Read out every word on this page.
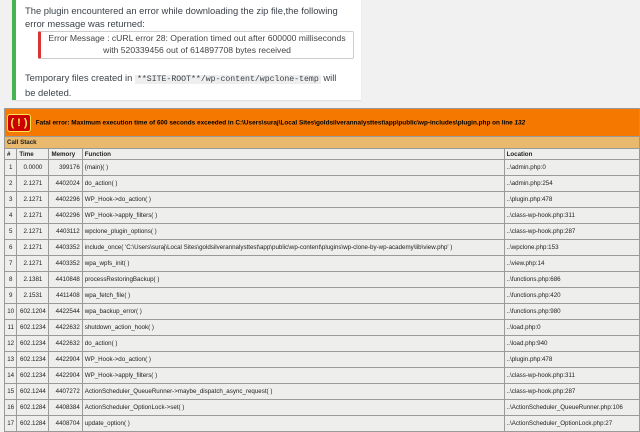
The plugin encountered an error while downloading the zip file,the following error message was returned:

Error Message : cURL error 28: Operation timed out after 600000 milliseconds with 520339456 out of 614897708 bytes received

Temporary files created in **SITE-ROOT**/wp-content/wpclone-temp will be deleted.

( ! ) Fatal error: Maximum execution time of 600 seconds exceeded in C:\Users\suraj\Local Sites\goldsilverannalysttest\app\public\wp-includes\plugin.php on line 132				
Call Stack				
#	Time	Memory	Function	Location
1	0.0000	399176	{main}( )	..\admin.php:0
2	2.1271	4402024	do_action( )	..\admin.php:254
3	2.1271	4402296	WP_Hook->do_action( )	..\plugin.php:478
4	2.1271	4402296	WP_Hook->apply_filters( )	..\class-wp-hook.php:311
5	2.1271	4403112	wpclone_plugin_options( )	..\class-wp-hook.php:287
6	2.1271	4403352	include_once( 'C:\Users\suraj\Local Sites\goldsilverannalysttest\app\public\wp-content\plugins\wp-clone-by-wp-academy\lib\view.php' )	..\wpclone.php:153
7	2.1271	4403352	wpa_wpfs_init( )	..\view.php:14
8	2.1381	4410848	processRestoringBackup( )	..\functions.php:686
9	2.1531	4411408	wpa_fetch_file( )	..\functions.php:420
10	602.1204	4422544	wpa_backup_error( )	..\functions.php:980
11	602.1234	4422632	shutdown_action_hook( )	..\load.php:0
12	602.1234	4422632	do_action( )	..\load.php:940
13	602.1234	4422904	WP_Hook->do_action( )	..\plugin.php:478
14	602.1234	4422904	WP_Hook->apply_filters( )	..\class-wp-hook.php:311
15	602.1244	4407272	ActionScheduler_QueueRunner->maybe_dispatch_async_request( )	..\class-wp-hook.php:287
16	602.1284	4408384	ActionScheduler_OptionLock->set( )	..\ActionScheduler_QueueRunner.php:106
17	602.1284	4408704	update_option( )	..\ActionScheduler_OptionLock.php:27
